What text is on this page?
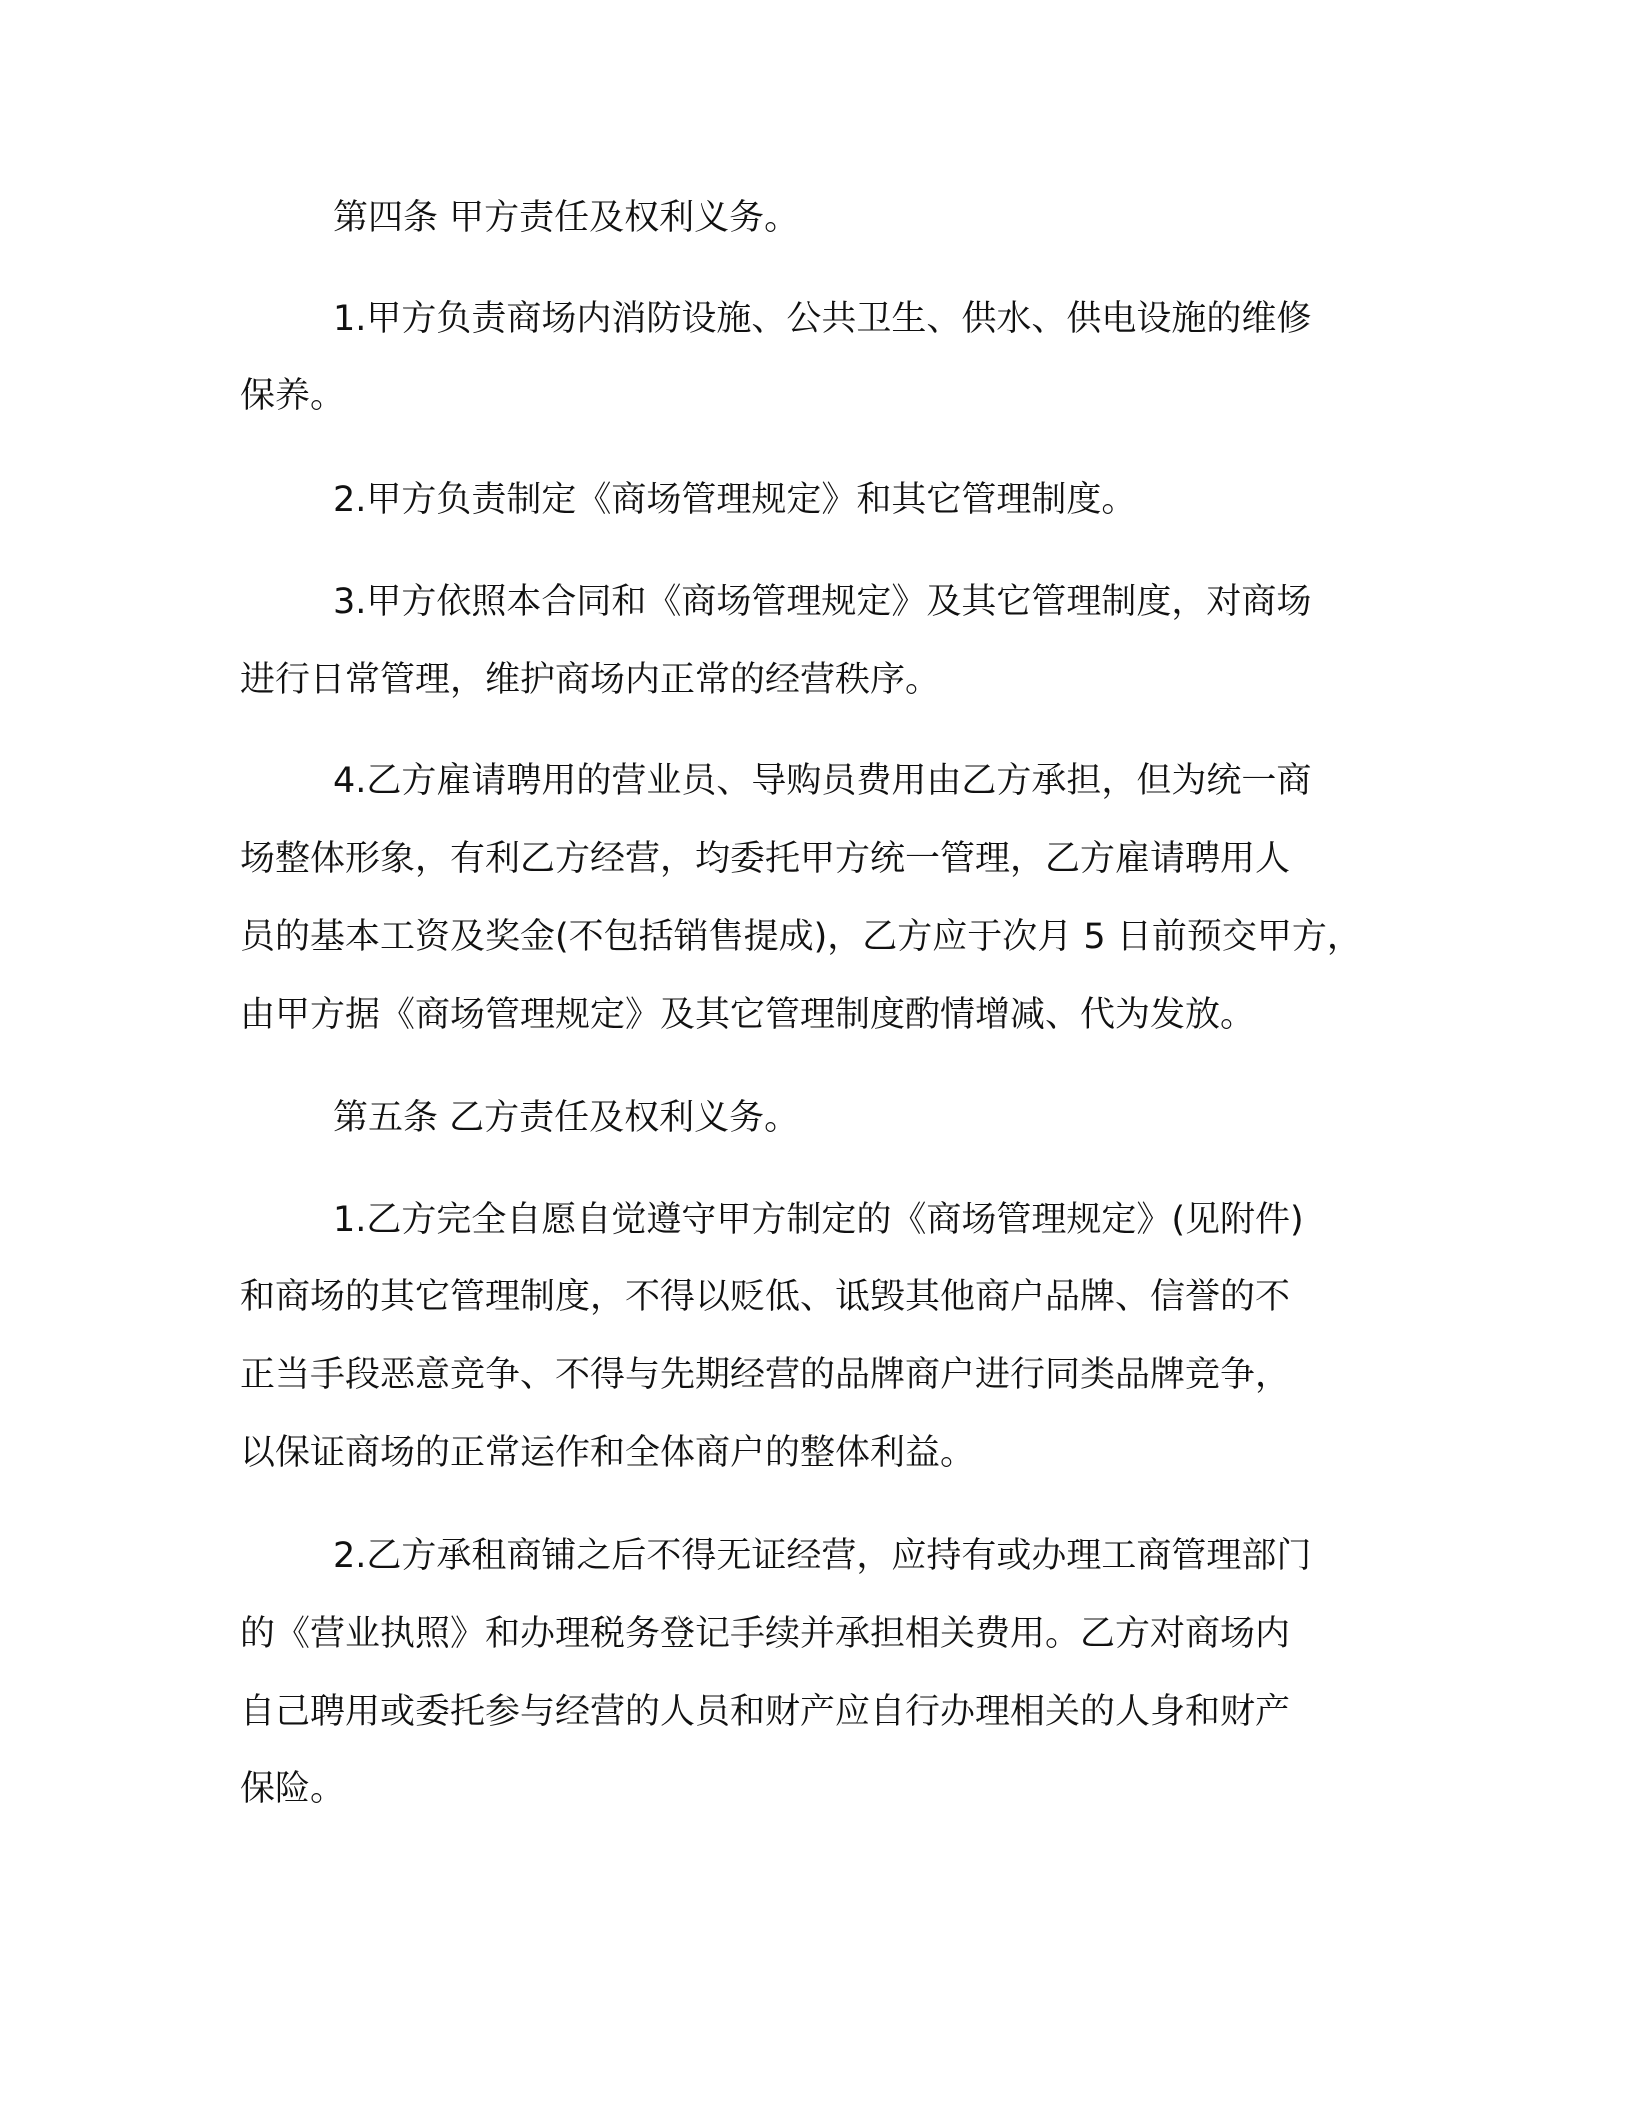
第四条 甲方责任及权利义务。
1.甲方负责商场内消防设施、公共卫生、供水、供电设施的维修
保养。
2.甲方负责制定《商场管理规定》和其它管理制度。
3.甲方依照本合同和《商场管理规定》及其它管理制度，对商场
进行日常管理，维护商场内正常的经营秩序。
4.乙方雇请聘用的营业员、导购员费用由乙方承担，但为统一商
场整体形象，有利乙方经营，均委托甲方统一管理，乙方雇请聘用人
员的基本工资及奖金(不包括销售提成)，乙方应于次月 5 日前预交甲方，
由甲方据《商场管理规定》及其它管理制度酌情增减、代为发放。
第五条 乙方责任及权利义务。
1.乙方完全自愿自觉遵守甲方制定的《商场管理规定》(见附件)
和商场的其它管理制度，不得以贬低、诋毁其他商户品牌、信誉的不
正当手段恶意竞争、不得与先期经营的品牌商户进行同类品牌竞争，
以保证商场的正常运作和全体商户的整体利益。
2.乙方承租商铺之后不得无证经营，应持有或办理工商管理部门
的《营业执照》和办理税务登记手续并承担相关费用。乙方对商场内
自己聘用或委托参与经营的人员和财产应自行办理相关的人身和财产
保险。
